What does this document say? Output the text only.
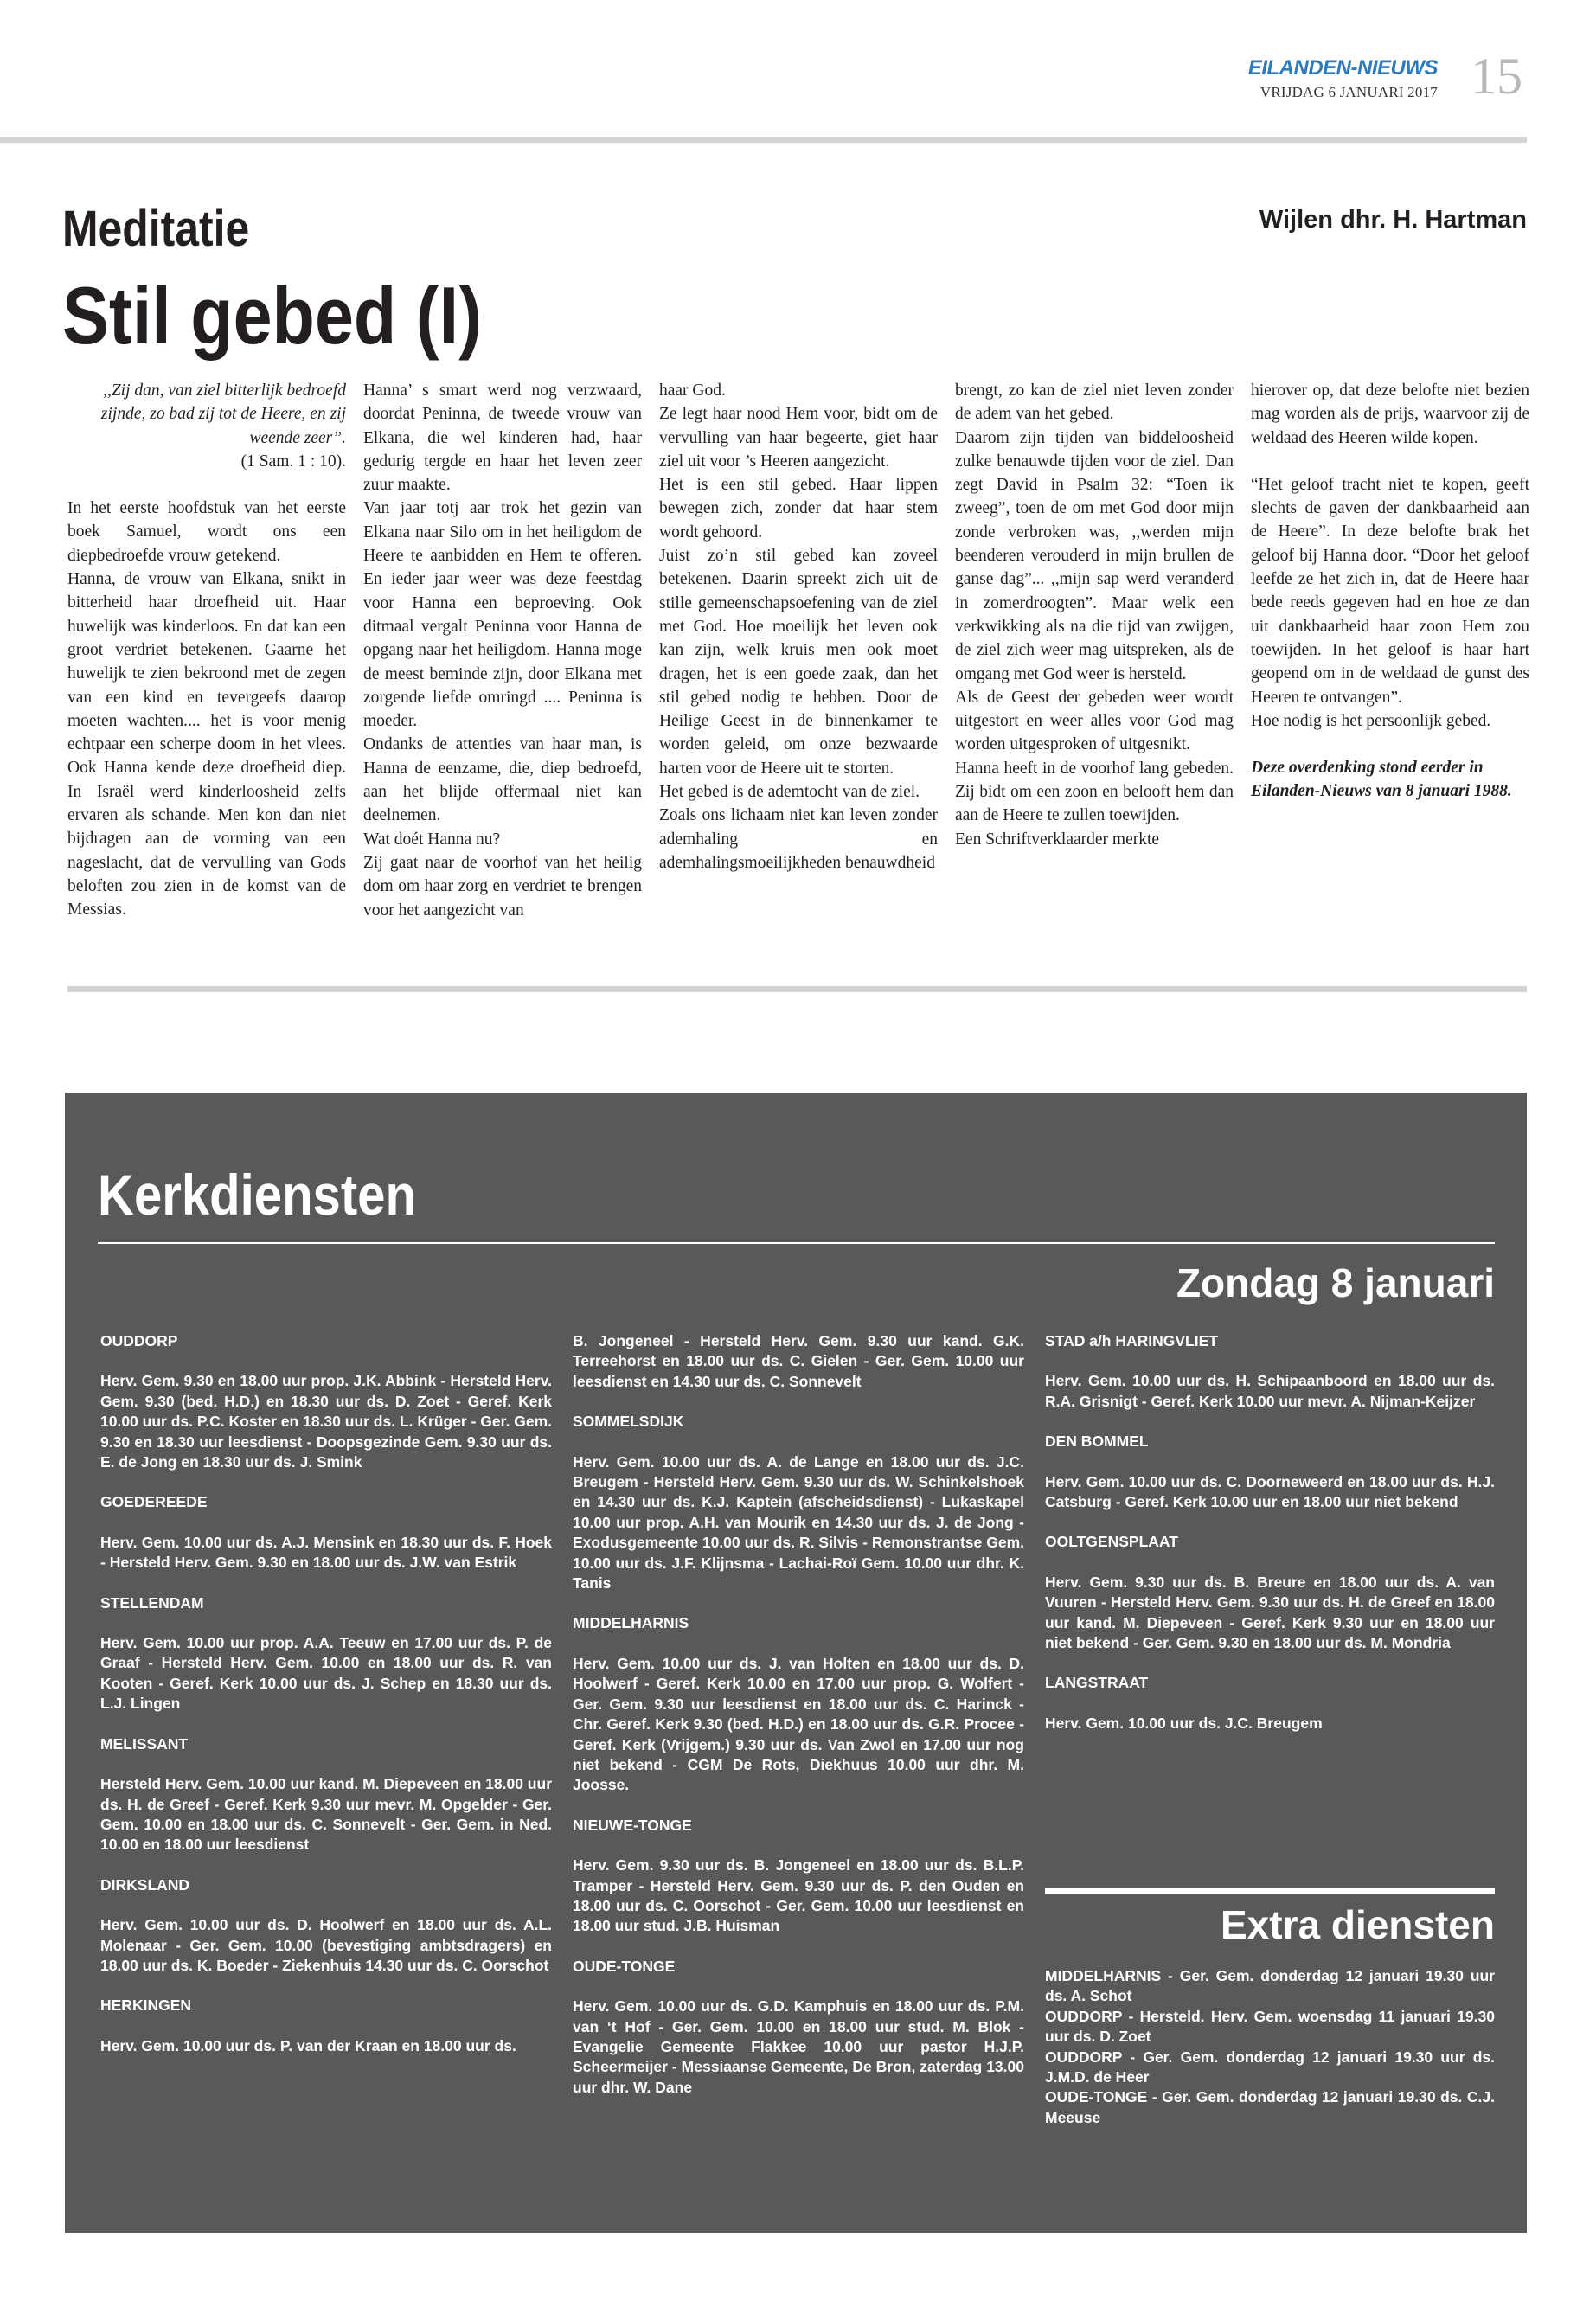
EILANDEN-NIEUWS
VRIJDAG 6 JANUARI 2017 15
Meditatie
Stil gebed (I)
Wijlen dhr. H. Hartman

,,Zij dan, van ziel bitterlijk bedroefd zijnde, zo bad zij tot de Heere, en zij weende zeer”.

(1 Sam. 1 : 10).

In het eerste hoofdstuk van het eerste boek Samuel, wordt ons een diepbedroefde vrouw getekend.

Hanna, de vrouw van Elkana, snikt in bitterheid haar droefheid uit. Haar huwelijk was kinderloos. En dat kan een groot verdriet betekenen. Gaarne het huwelijk te zien bekroond met de zegen van een kind en tevergeefs daarop moeten wachten.... het is voor menig echtpaar een scherpe doom in het vlees. Ook Hanna kende deze droefheid diep. In Israël werd kinderloosheid zelfs ervaren als schande. Men kon dan niet bijdragen aan de vorming van een nageslacht, dat de vervulling van Gods beloften zou zien in de komst van de Messias.

Hanna’ s smart werd nog verzwaard, doordat Peninna, de tweede vrouw van Elkana, die wel kinderen had, haar gedurig tergde en haar het leven zeer zuur maakte.

Van jaar totj aar trok het gezin van Elkana naar Silo om in het heiligdom de Heere te aanbidden en Hem te offeren. En ieder jaar weer was deze feestdag voor Hanna een beproeving. Ook ditmaal vergalt Peninna voor Hanna de opgang naar het heiligdom. Hanna moge de meest beminde zijn, door Elkana met zorgende liefde omringd .... Peninna is moeder.

Ondanks de attenties van haar man, is Hanna de eenzame, die, diep bedroefd, aan het blijde offermaal niet kan deelnemen.

Wat doét Hanna nu?

Zij gaat naar de voorhof van het heilig dom om haar zorg en verdriet te brengen voor het aangezicht van

haar God.

Ze legt haar nood Hem voor, bidt om de vervulling van haar begeerte, giet haar ziel uit voor ’s Heeren aangezicht.

Het is een stil gebed. Haar lippen bewegen zich, zonder dat haar stem wordt gehoord.

Juist zo’n stil gebed kan zoveel betekenen. Daarin spreekt zich uit de stille gemeenschapsoefening van de ziel met God. Hoe moeilijk het leven ook kan zijn, welk kruis men ook moet dragen, het is een goede zaak, dan het stil gebed nodig te hebben. Door de Heilige Geest in de binnenkamer te worden geleid, om onze bezwaarde harten voor de Heere uit te storten.

Het gebed is de ademtocht van de ziel.

Zoals ons lichaam niet kan leven zonder ademhaling en ademhalingsmoeilijkheden benauwdheid

brengt, zo kan de ziel niet leven zonder de adem van het gebed.

Daarom zijn tijden van biddeloosheid zulke benauwde tijden voor de ziel. Dan zegt David in Psalm 32: “Toen ik zweeg”, toen de om met God door mijn zonde verbroken was, ,,werden mijn beenderen verouderd in mijn brullen de ganse dag”... ,,mijn sap werd veranderd in zomerdroogten”. Maar welk een verkwikking als na die tijd van zwijgen, de ziel zich weer mag uitspreken, als de omgang met God weer is hersteld.

Als de Geest der gebeden weer wordt uitgestort en weer alles voor God mag worden uitgesproken of uitgesnikt.

Hanna heeft in de voorhof lang gebeden. Zij bidt om een zoon en belooft hem dan aan de Heere te zullen toewijden.

Een Schriftverklaarder merkte

hierover op, dat deze belofte niet bezien mag worden als de prijs, waarvoor zij de weldaad des Heeren wilde kopen.

“Het geloof tracht niet te kopen, geeft slechts de gaven der dankbaarheid aan de Heere”. In deze belofte brak het geloof bij Hanna door. “Door het geloof leefde ze het zich in, dat de Heere haar bede reeds gegeven had en hoe ze dan uit dankbaarheid haar zoon Hem zou toewijden. In het geloof is haar hart geopend om in de weldaad de gunst des Heeren te ontvangen”.

Hoe nodig is het persoonlijk gebed.

Deze overdenking stond eerder in Eilanden-Nieuws van 8 januari 1988.

Kerkdiensten
Zondag 8 januari
OUDDORP
Herv. Gem. 9.30 en 18.00 uur prop. J.K. Abbink - Hersteld Herv. Gem. 9.30 (bed. H.D.) en 18.30 uur ds. D. Zoet - Geref. Kerk 10.00 uur ds. P.C. Koster en 18.30 uur ds. L. Krüger - Ger. Gem. 9.30 en 18.30 uur leesdienst - Doopsgezinde Gem. 9.30 uur ds. E. de Jong en 18.30 uur ds. J. Smink
GOEDEREEDE
Herv. Gem. 10.00 uur ds. A.J. Mensink en 18.30 uur ds. F. Hoek - Hersteld Herv. Gem. 9.30 en 18.00 uur ds. J.W. van Estrik
STELLENDAM
Herv. Gem. 10.00 uur prop. A.A. Teeuw en 17.00 uur ds. P. de Graaf - Hersteld Herv. Gem. 10.00 en 18.00 uur ds. R. van Kooten - Geref. Kerk 10.00 uur ds. J. Schep en 18.30 uur ds. L.J. Lingen
MELISSANT
Hersteld Herv. Gem. 10.00 uur kand. M. Diepeveen en 18.00 uur ds. H. de Greef - Geref. Kerk 9.30 uur mevr. M. Opgelder - Ger. Gem. 10.00 en 18.00 uur ds. C. Sonnevelt - Ger. Gem. in Ned. 10.00 en 18.00 uur leesdienst
DIRKSLAND
Herv. Gem. 10.00 uur ds. D. Hoolwerf en 18.00 uur ds. A.L. Molenaar - Ger. Gem. 10.00 (bevestiging ambtsdragers) en 18.00 uur ds. K. Boeder - Ziekenhuis 14.30 uur ds. C. Oorschot
HERKINGEN
Herv. Gem. 10.00 uur ds. P. van der Kraan en 18.00 uur ds.
B. Jongeneel - Hersteld Herv. Gem. 9.30 uur kand. G.K. Terreehorst en 18.00 uur ds. C. Gielen - Ger. Gem. 10.00 uur leesdienst en 14.30 uur ds. C. Sonnevelt
SOMMELSDIJK
Herv. Gem. 10.00 uur ds. A. de Lange en 18.00 uur ds. J.C. Breugem - Hersteld Herv. Gem. 9.30 uur ds. W. Schinkelshoek en 14.30 uur ds. K.J. Kaptein (afscheidsdienst) - Lukaskapel 10.00 uur prop. A.H. van Mourik en 14.30 uur ds. J. de Jong - Exodusgemeente 10.00 uur ds. R. Silvis - Remonstrantse Gem. 10.00 uur ds. J.F. Klijnsma - Lachai-Roï Gem. 10.00 uur dhr. K. Tanis
MIDDELHARNIS
Herv. Gem. 10.00 uur ds. J. van Holten en 18.00 uur ds. D. Hoolwerf - Geref. Kerk 10.00 en 17.00 uur prop. G. Wolfert - Ger. Gem. 9.30 uur leesdienst en 18.00 uur ds. C. Harinck - Chr. Geref. Kerk 9.30 (bed. H.D.) en 18.00 uur ds. G.R. Procee - Geref. Kerk (Vrijgem.) 9.30 uur ds. Van Zwol en 17.00 uur nog niet bekend - CGM De Rots, Diekhuus 10.00 uur dhr. M. Joosse.
NIEUWE-TONGE
Herv. Gem. 9.30 uur ds. B. Jongeneel en 18.00 uur ds. B.L.P. Tramper - Hersteld Herv. Gem. 9.30 uur ds. P. den Ouden en 18.00 uur ds. C. Oorschot - Ger. Gem. 10.00 uur leesdienst en 18.00 uur stud. J.B. Huisman
OUDE-TONGE
Herv. Gem. 10.00 uur ds. G.D. Kamphuis en 18.00 uur ds. P.M. van ‘t Hof - Ger. Gem. 10.00 en 18.00 uur stud. M. Blok - Evangelie Gemeente Flakkee 10.00 uur pastor H.J.P. Scheermeijer - Messiaanse Gemeente, De Bron, zaterdag 13.00 uur dhr. W. Dane
STAD a/h HARINGVLIET
Herv. Gem. 10.00 uur ds. H. Schipaanboord en 18.00 uur ds. R.A. Grisnigt - Geref. Kerk 10.00 uur mevr. A. Nijman-Keijzer
DEN BOMMEL
Herv. Gem. 10.00 uur ds. C. Doorneweerd en 18.00 uur ds. H.J. Catsburg - Geref. Kerk 10.00 uur en 18.00 uur niet bekend
OOLTGENSPLAAT
Herv. Gem. 9.30 uur ds. B. Breure en 18.00 uur ds. A. van Vuuren - Hersteld Herv. Gem. 9.30 uur ds. H. de Greef en 18.00 uur kand. M. Diepeveen - Geref. Kerk 9.30 uur en 18.00 uur niet bekend - Ger. Gem. 9.30 en 18.00 uur ds. M. Mondria
LANGSTRAAT
Herv. Gem. 10.00 uur ds. J.C. Breugem
Extra diensten
MIDDELHARNIS - Ger. Gem. donderdag 12 januari 19.30 uur ds. A. Schot
OUDDORP - Hersteld. Herv. Gem. woensdag 11 januari 19.30 uur ds. D. Zoet
OUDDORP - Ger. Gem. donderdag 12 januari 19.30 uur ds. J.M.D. de Heer
OUDE-TONGE - Ger. Gem. donderdag 12 januari 19.30 ds. C.J. Meeuse
